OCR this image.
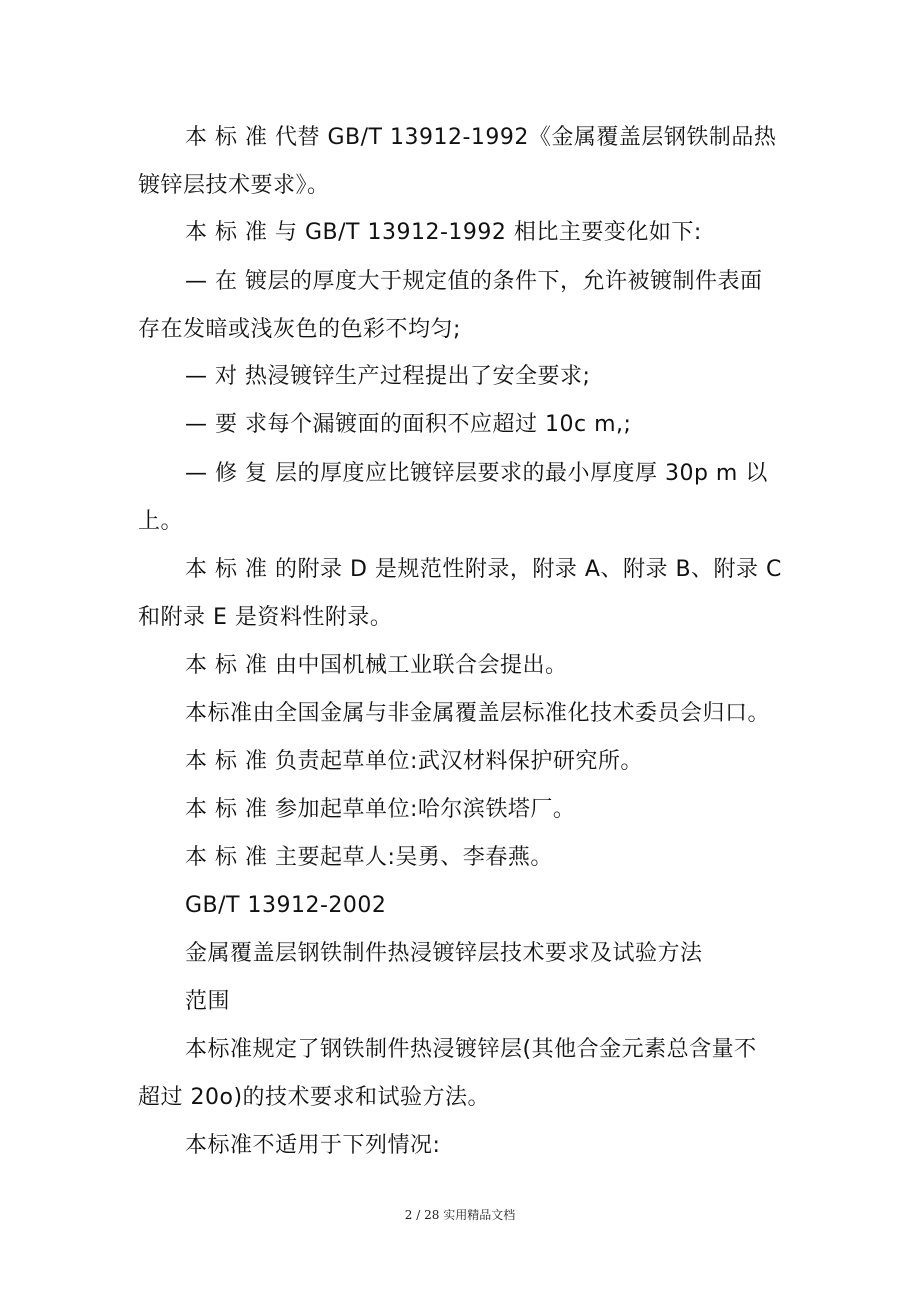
本 标 准 代替 GB/T 13912-1992《金属覆盖层钢铁制品热
镀锌层技术要求》。
本 标 准 与 GB/T 13912-1992 相比主要变化如下:
— 在 镀层的厚度大于规定值的条件下，允许被镀制件表面
存在发暗或浅灰色的色彩不均匀;
— 对 热浸镀锌生产过程提出了安全要求;
— 要 求每个漏镀面的面积不应超过 10c m,;
— 修 复 层的厚度应比镀锌层要求的最小厚度厚 30p m 以
上。
本 标 准 的附录 D 是规范性附录，附录 A、附录 B、附录 C
和附录 E 是资料性附录。
本 标 准 由中国机械工业联合会提出。
本标准由全国金属与非金属覆盖层标准化技术委员会归口。
本 标 准 负责起草单位:武汉材料保护研究所。
本 标 准 参加起草单位:哈尔滨铁塔厂。
本 标 准 主要起草人:吴勇、李春燕。
GB/T 13912-2002
金属覆盖层钢铁制件热浸镀锌层技术要求及试验方法
范围
本标准规定了钢铁制件热浸镀锌层(其他合金元素总含量不
超过 20o)的技术要求和试验方法。
本标准不适用于下列情况:
2 / 28 实用精品文档
